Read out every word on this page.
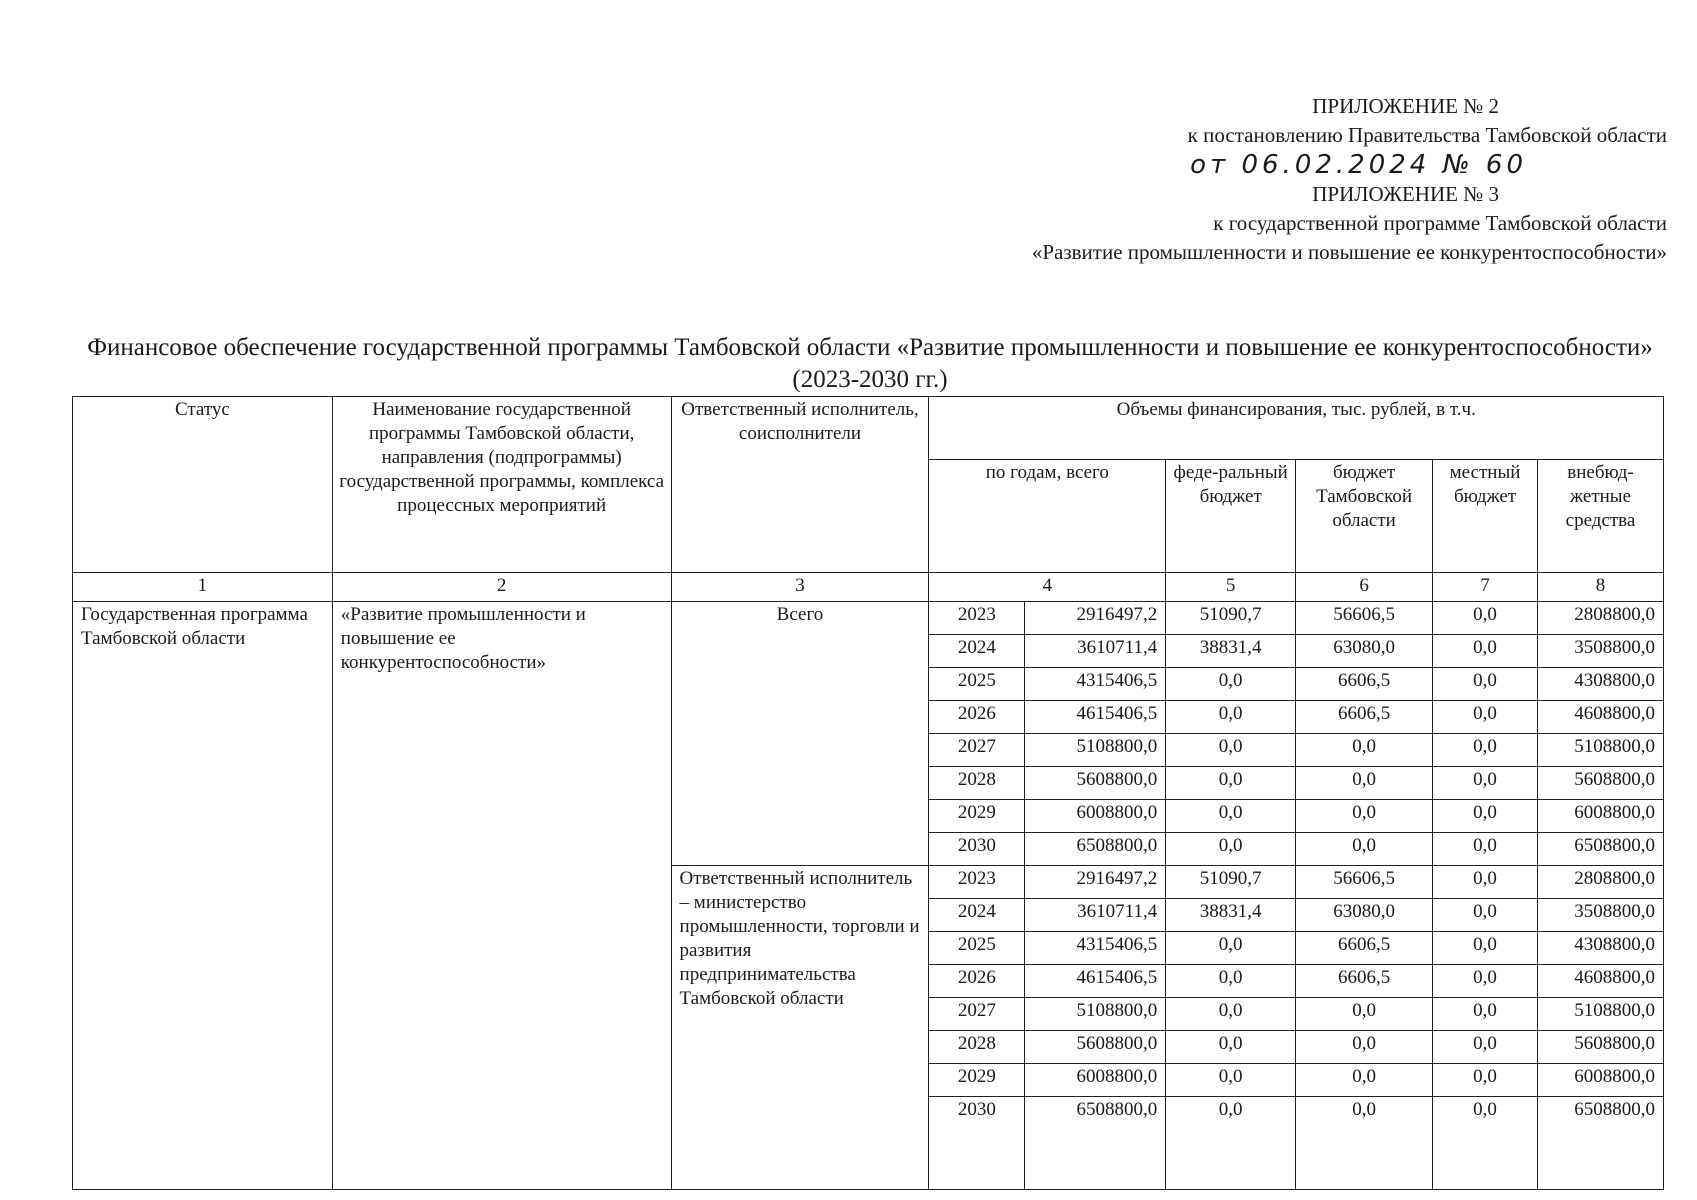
ПРИЛОЖЕНИЕ № 2
к постановлению Правительства Тамбовской области
от 06.02.2024 № 60
ПРИЛОЖЕНИЕ № 3
к государственной программе Тамбовской области
«Развитие промышленности и повышение ее конкурентоспособности»
Финансовое обеспечение государственной программы Тамбовской области «Развитие промышленности и повышение ее конкурентоспособности» (2023-2030 гг.)
Статус	Наименование государственной программы Тамбовской области, направления (подпрограммы) государственной программы, комплекса процессных мероприятий	Ответственный исполнитель, соисполнители	Объемы финансирования, тыс. рублей, в т.ч.					
			по годам, всего		феде-ральный бюджет	бюджет Тамбовской области	местный бюджет	внебюд-жетные средства
1	2	3	4		5	6	7	8
Государственная программа Тамбовской области	«Развитие промышленности и повышение ее конкурентоспособности»	Всего	2023	2916497,2	51090,7	56606,5	0,0	2808800,0
			2024	3610711,4	38831,4	63080,0	0,0	3508800,0
			2025	4315406,5	0,0	6606,5	0,0	4308800,0
			2026	4615406,5	0,0	6606,5	0,0	4608800,0
			2027	5108800,0	0,0	0,0	0,0	5108800,0
			2028	5608800,0	0,0	0,0	0,0	5608800,0
			2029	6008800,0	0,0	0,0	0,0	6008800,0
			2030	6508800,0	0,0	0,0	0,0	6508800,0
		Ответственный исполнитель – министерство промышленности, торговли и развития предпринимательства Тамбовской области	2023	2916497,2	51090,7	56606,5	0,0	2808800,0
			2024	3610711,4	38831,4	63080,0	0,0	3508800,0
			2025	4315406,5	0,0	6606,5	0,0	4308800,0
			2026	4615406,5	0,0	6606,5	0,0	4608800,0
			2027	5108800,0	0,0	0,0	0,0	5108800,0
			2028	5608800,0	0,0	0,0	0,0	5608800,0
			2029	6008800,0	0,0	0,0	0,0	6008800,0
			2030	6508800,0	0,0	0,0	0,0	6508800,0
